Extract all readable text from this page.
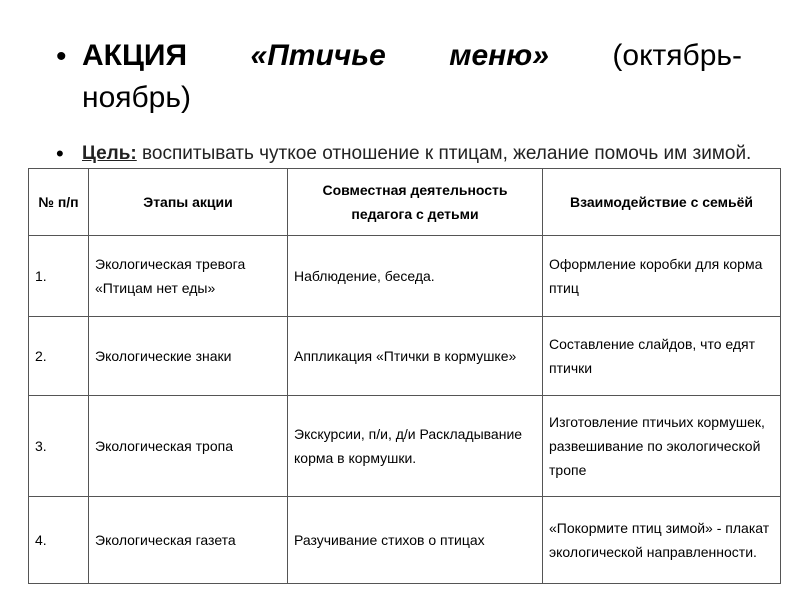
• АКЦИЯ «Птичье меню» (октябрь-
ноябрь)
• Цель: воспитывать чуткое отношение к птицам, желание помочь им зимой.
№ п/п	Этапы акции	Совместная деятельность педагога с детьми	Взаимодействие с семьёй
1.	Экологическая тревога «Птицам нет еды»	Наблюдение, беседа.	Оформление коробки для корма птиц
2.	Экологические знаки	Аппликация «Птички в кормушке»	Составление слайдов, что едят птички
3.	Экологическая тропа	Экскурсии, п/и, д/и Раскладывание корма в кормушки.	Изготовление птичьих кормушек, развешивание по экологической тропе
4.	Экологическая газета	Разучивание стихов о птицах	«Покормите птиц зимой» - плакат экологической направленности.
